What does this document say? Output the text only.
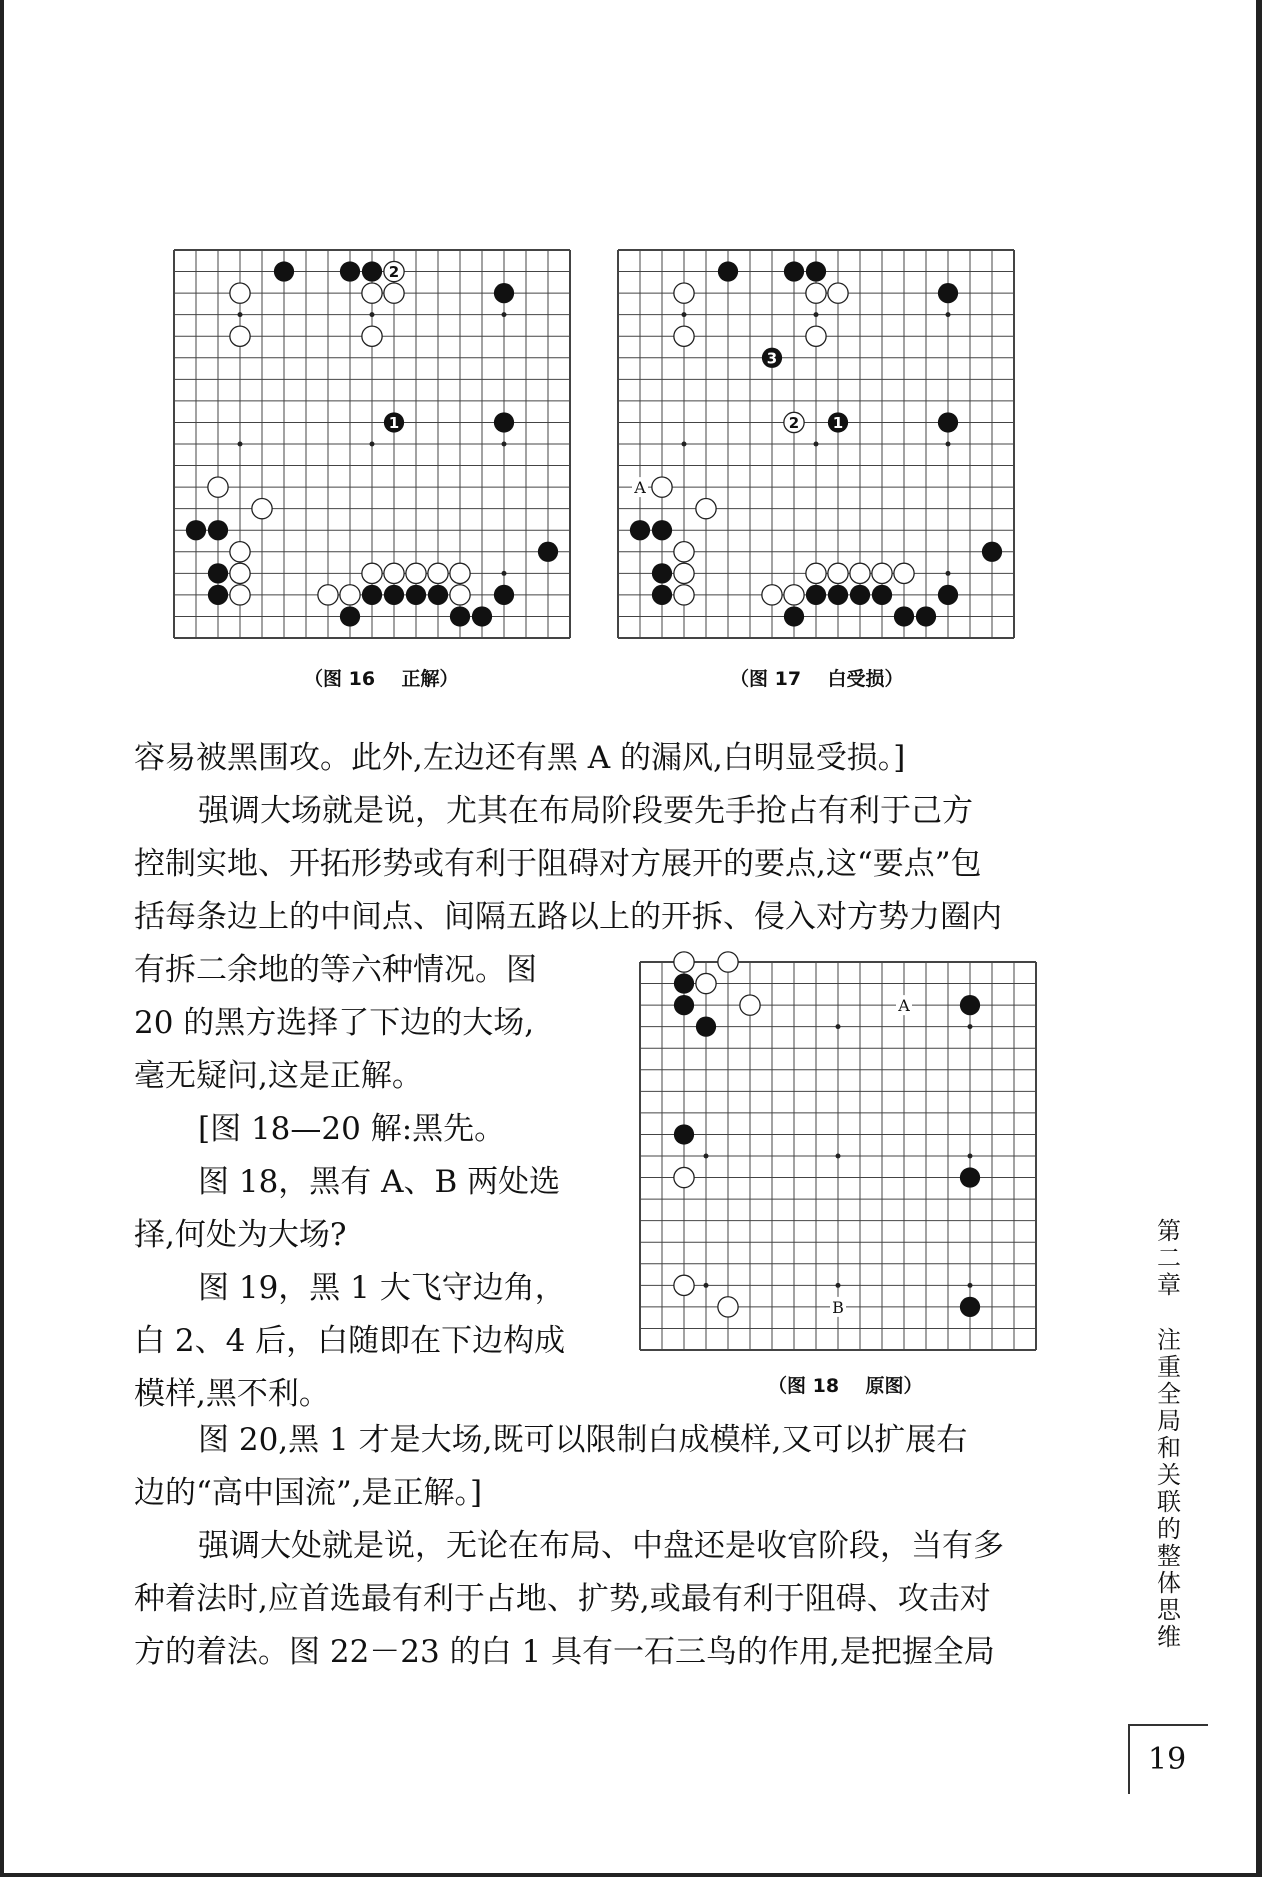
2
1
（图 16    正解）
A
3
1
2
（图 17    白受损）

容易被黑围攻。此外,左边还有黑 A 的漏风,白明显受损。]

强调大场就是说，尤其在布局阶段要先手抢占有利于己方

控制实地、开拓形势或有利于阻碍对方展开的要点,这“要点”包

括每条边上的中间点、间隔五路以上的开拆、侵入对方势力圈内

有拆二余地的等六种情况。图

20 的黑方选择了下边的大场,

毫无疑问,这是正解。

[图 18—20 解:黑先。

图 18，黑有 A、B 两处选

择,何处为大场?

图 19，黑 1 大飞守边角，

白 2、4 后，白随即在下边构成

模样,黑不利。

A
B
（图 18    原图）

图 20,黑 1 才是大场,既可以限制白成模样,又可以扩展右

边的“高中国流”,是正解。]

强调大处就是说，无论在布局、中盘还是收官阶段，当有多

种着法时,应首选最有利于占地、扩势,或最有利于阻碍、攻击对

方的着法。图 22－23 的白 1 具有一石三鸟的作用,是把握全局

第二章
注重全局和关联的整体思维
19
